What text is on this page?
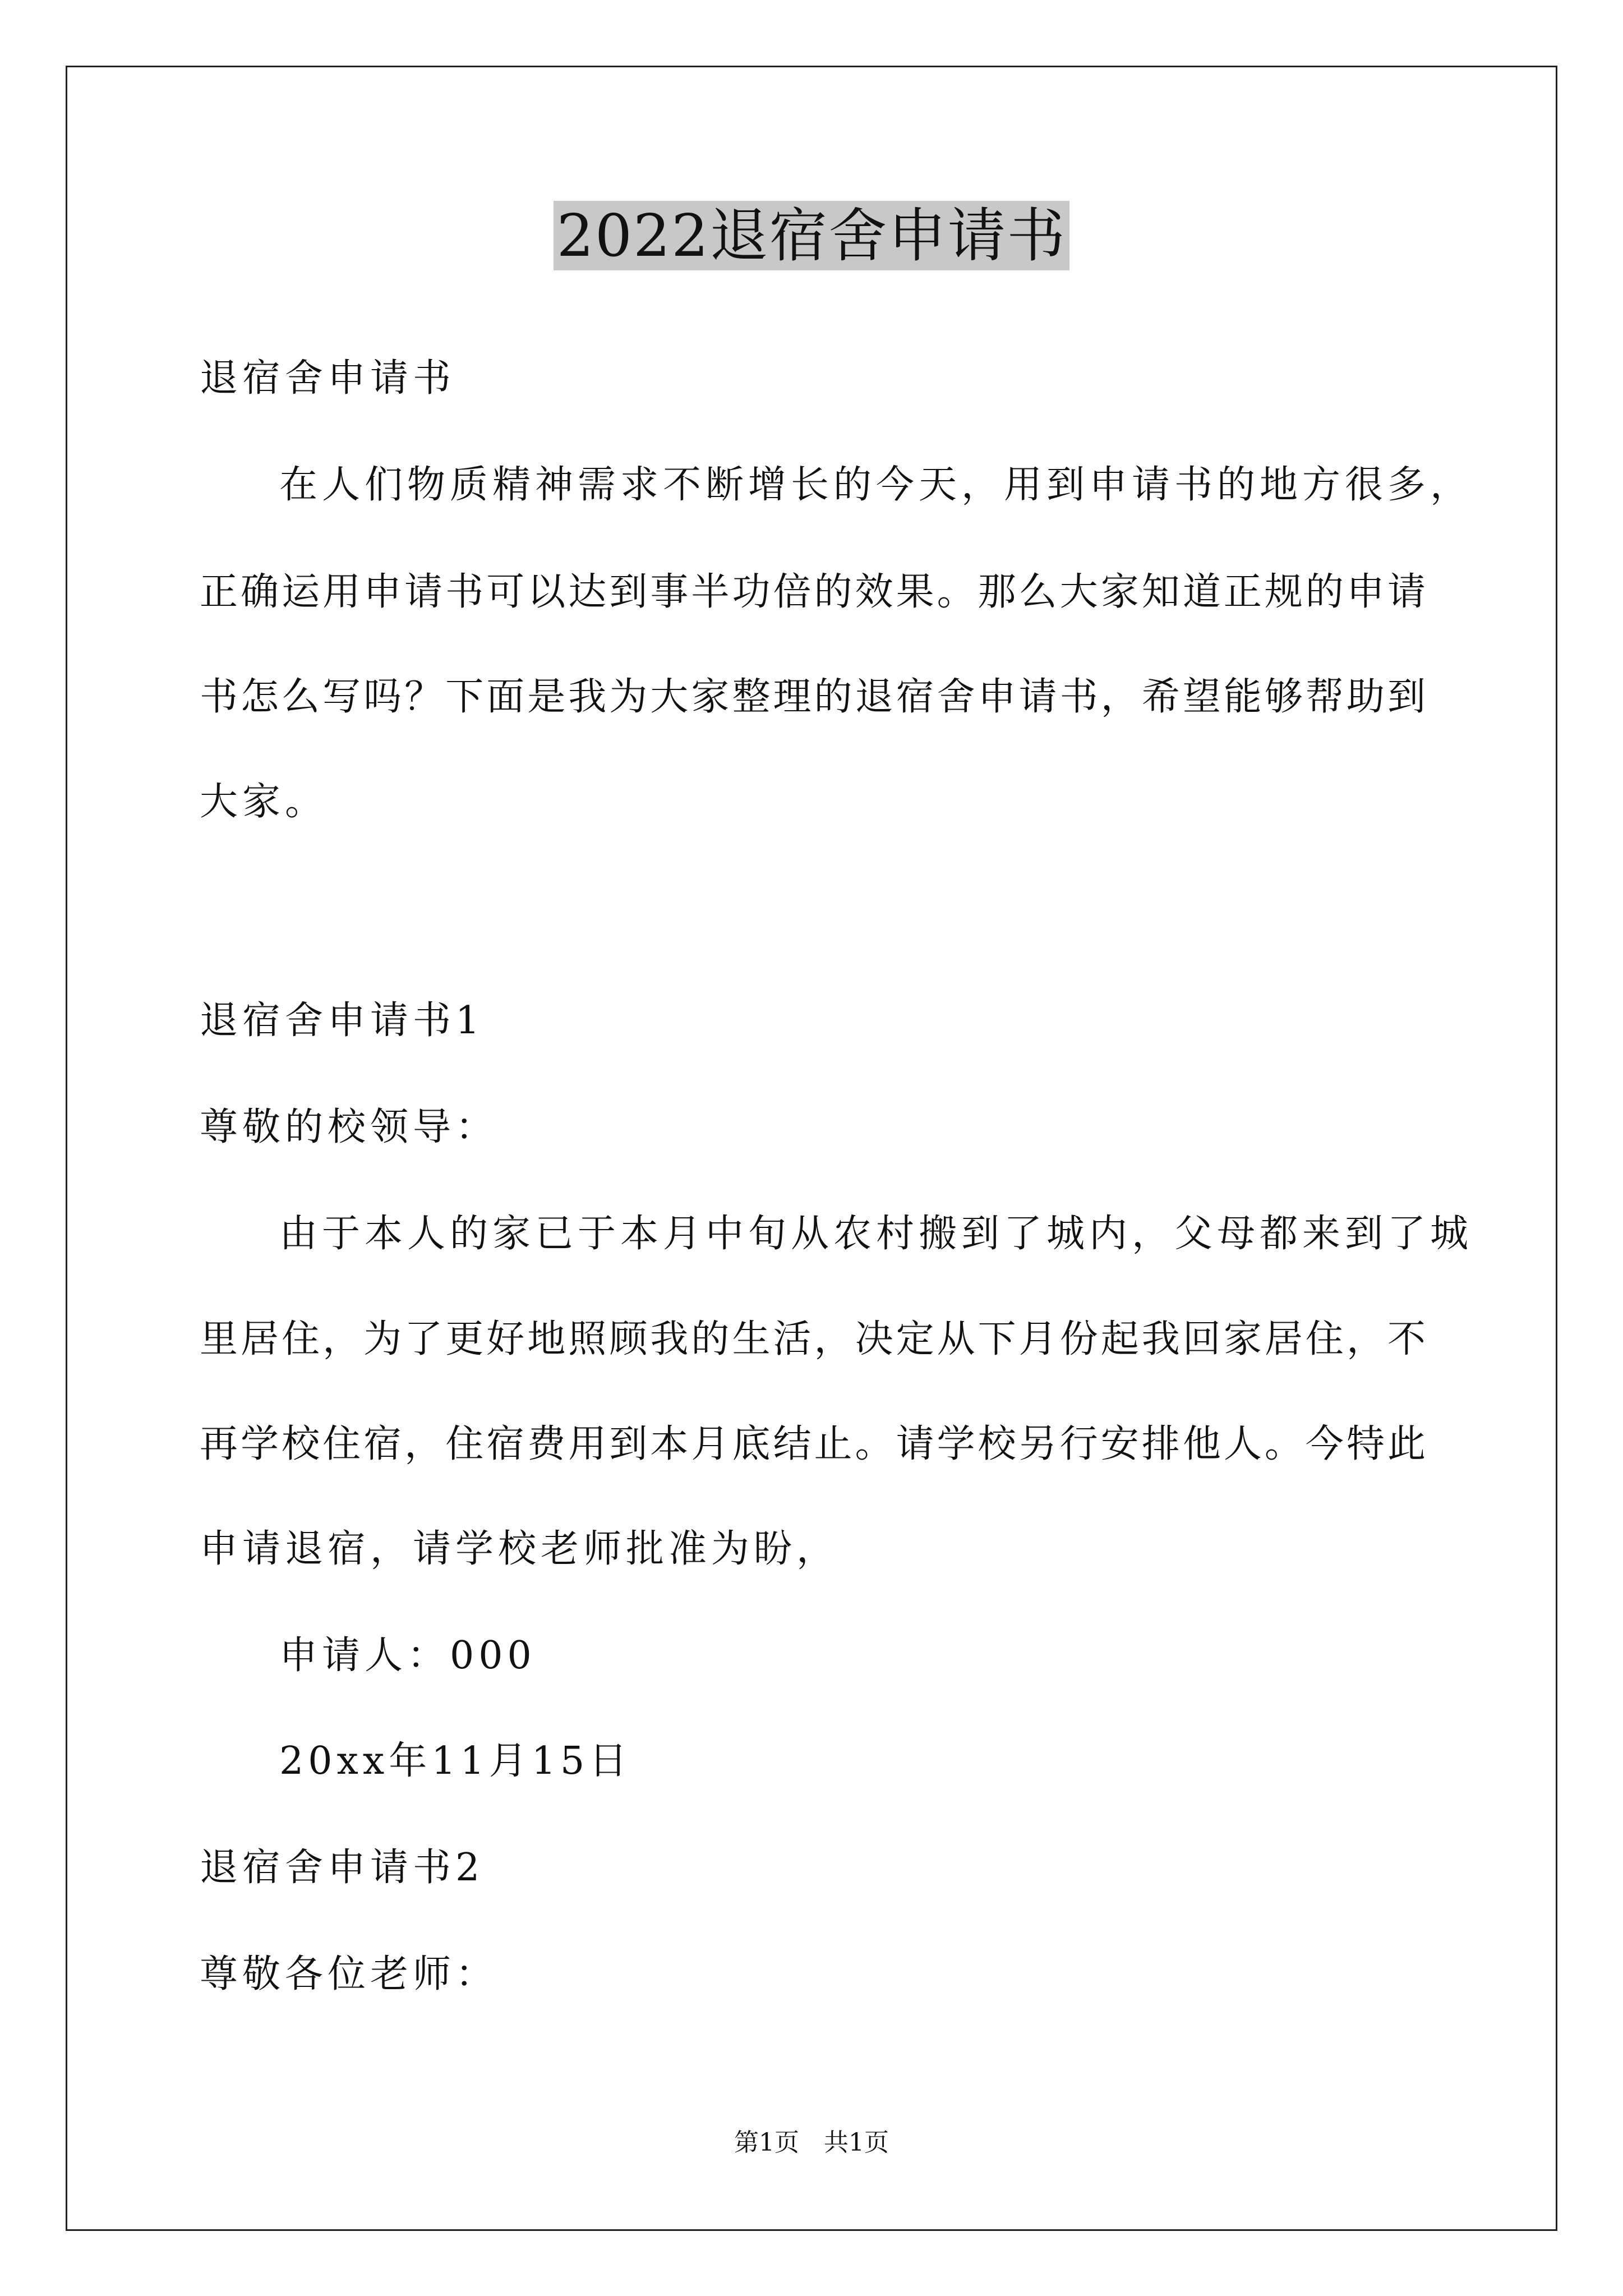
2022退宿舍申请书
退宿舍申请书
在人们物质精神需求不断增长的今天，用到申请书的地方很多，
正确运用申请书可以达到事半功倍的效果。那么大家知道正规的申请
书怎么写吗？下面是我为大家整理的退宿舍申请书，希望能够帮助到
大家。
退宿舍申请书1
尊敬的校领导：
由于本人的家已于本月中旬从农村搬到了城内，父母都来到了城
里居住，为了更好地照顾我的生活，决定从下月份起我回家居住，不
再学校住宿，住宿费用到本月底结止。请学校另行安排他人。今特此
申请退宿，请学校老师批准为盼，
申请人：000
20xx年11月15日
退宿舍申请书2
尊敬各位老师：
第1页　共1页
